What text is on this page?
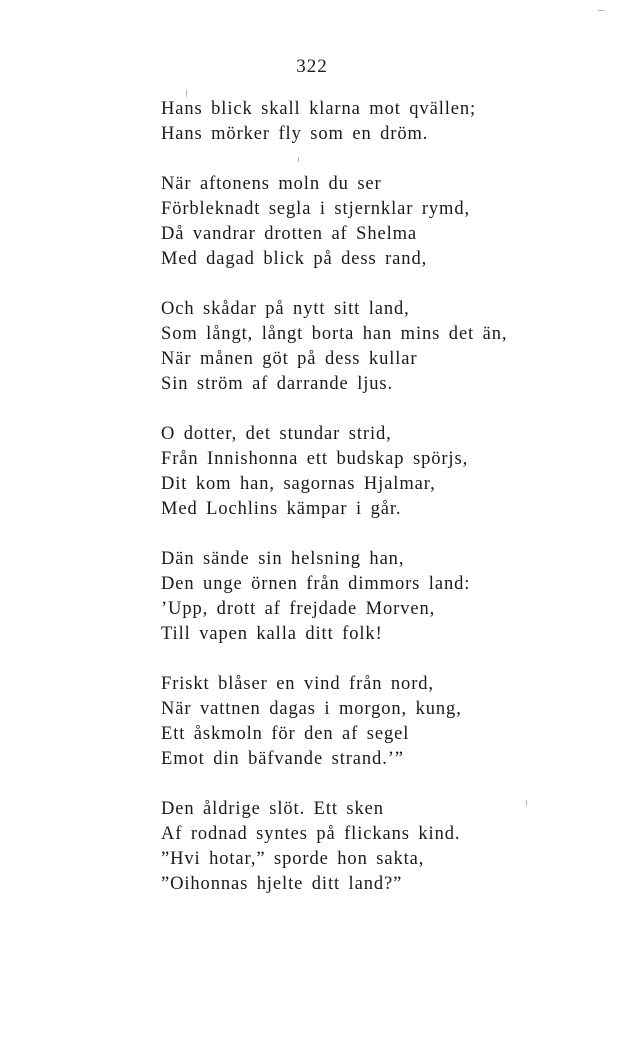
322
Hans blick skall klarna mot qvällen;
Hans mörker fly som en dröm.
När aftonens moln du ser
Förbleknadt segla i stjernklar rymd,
Då vandrar drotten af Shelma
Med dagad blick på dess rand,
Och skådar på nytt sitt land,
Som långt, långt borta han mins det än,
När månen göt på dess kullar
Sin ström af darrande ljus.
O dotter, det stundar strid,
Från Innishonna ett budskap spörjs,
Dit kom han, sagornas Hjalmar,
Med Lochlins kämpar i går.
Dän sände sin helsning han,
Den unge örnen från dimmors land:
’Upp, drott af frejdade Morven,
Till vapen kalla ditt folk!
Friskt blåser en vind från nord,
När vattnen dagas i morgon, kung,
Ett åskmoln för den af segel
Emot din bäfvande strand.’”
Den åldrige slöt. Ett sken
Af rodnad syntes på flickans kind.
”Hvi hotar,” sporde hon sakta,
”Oihonnas hjelte ditt land?”
